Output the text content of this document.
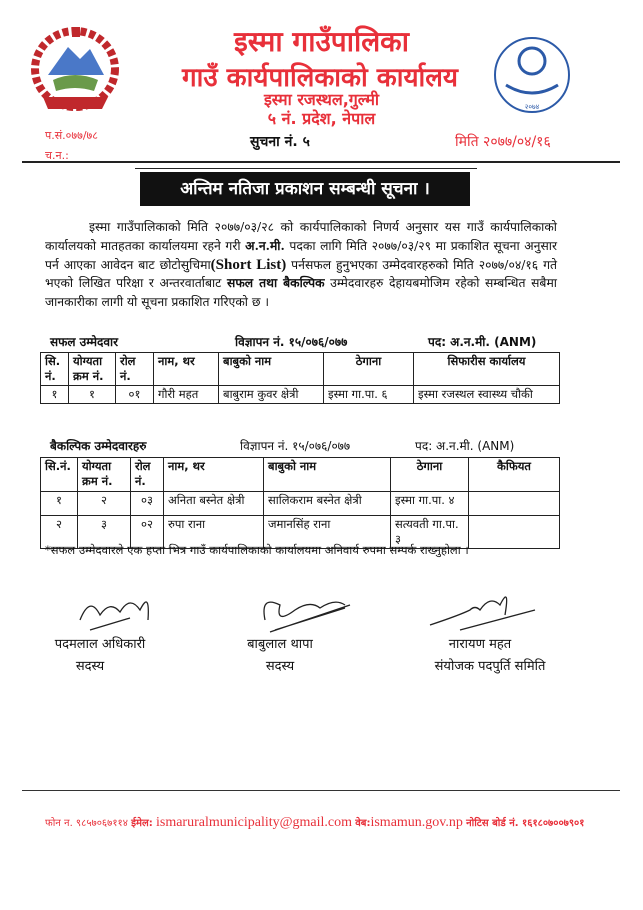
इस्मा गाउँपालिका
गाउँ कार्यपालिकाको कार्यालय
इस्मा रजस्थल,गुल्मी
५ नं. प्रदेश, नेपाल
२०७४
प.सं.०७७/७८
च.न.:
सुचना नं. ५	मिति २०७७/०४/१६
अन्तिम नतिजा प्रकाशन सम्बन्धी सूचना ।
इस्मा गाउँपालिकाको मिति २०७७/०३/२८ को कार्यपालिकाको निणर्य अनुसार यस गाउँ कार्यपालिकाको कार्यालयको मातहतका कार्यालयमा रहने गरी अ.न.मी. पदका लागि मिति २०७७/०३/२९ मा प्रकाशित सूचना अनुसार पर्न आएका आवेदन बाट छोटोसुचिमा(Short List) पर्नसफल हुनुभएका उम्मेदवारहरुको मिति २०७७/०४/१६ गते भएको लिखित परिक्षा र अन्तरवार्ताबाट सफल तथा बैकल्पिक उम्मेदवारहरु देहायबमोजिम रहेको सम्बन्धित सबैमा जानकारीका लागी यो सूचना प्रकाशित गरिएको छ ।
सफल उम्मेदवार	विज्ञापन नं. १५/०७६/०७७	पद: अ.न.मी. (ANM)
सि. नं.	योग्यता क्रम नं.	रोल नं.	नाम, थर	बाबुको नाम	ठेगाना	सिफारीस कार्यालय
१	१	०१	गौरी महत	बाबुराम कुवर क्षेत्री	इस्मा गा.पा. ६	इस्मा रजस्थल स्वास्थ्य चौकी
बैकल्पिक उम्मेदवारहरु	विज्ञापन नं. १५/०७६/०७७	पद: अ.न.मी. (ANM)
सि.नं.	योग्यता क्रम नं.	रोल नं.	नाम, थर	बाबुको नाम	ठेगाना	कैफियत
१	२	०३	अनिता बस्नेत क्षेत्री	सालिकराम बस्नेत क्षेत्री	इस्मा गा.पा. ४	
२	३	०२	रुपा राना	जमानसिंह राना	सत्यवती गा.पा. ३	
*सफल उम्मेदवारले एक हप्ता भित्र गाउँ कार्यपालिकाको कार्यालयमा अनिवार्य रुपमा सम्पर्क राख्नुहोला ।
पदमलाल अधिकारी
सदस्य
बाबुलाल थापा
सदस्य
नारायण महत
संयोजक पदपुर्ति समिति
फोन न. ९८५७०६७११४ ईमेल: ismaruralmunicipality@gmail.com वेब:ismamun.gov.np नोटिस बोर्ड नं. १६१८०७००७९०१
